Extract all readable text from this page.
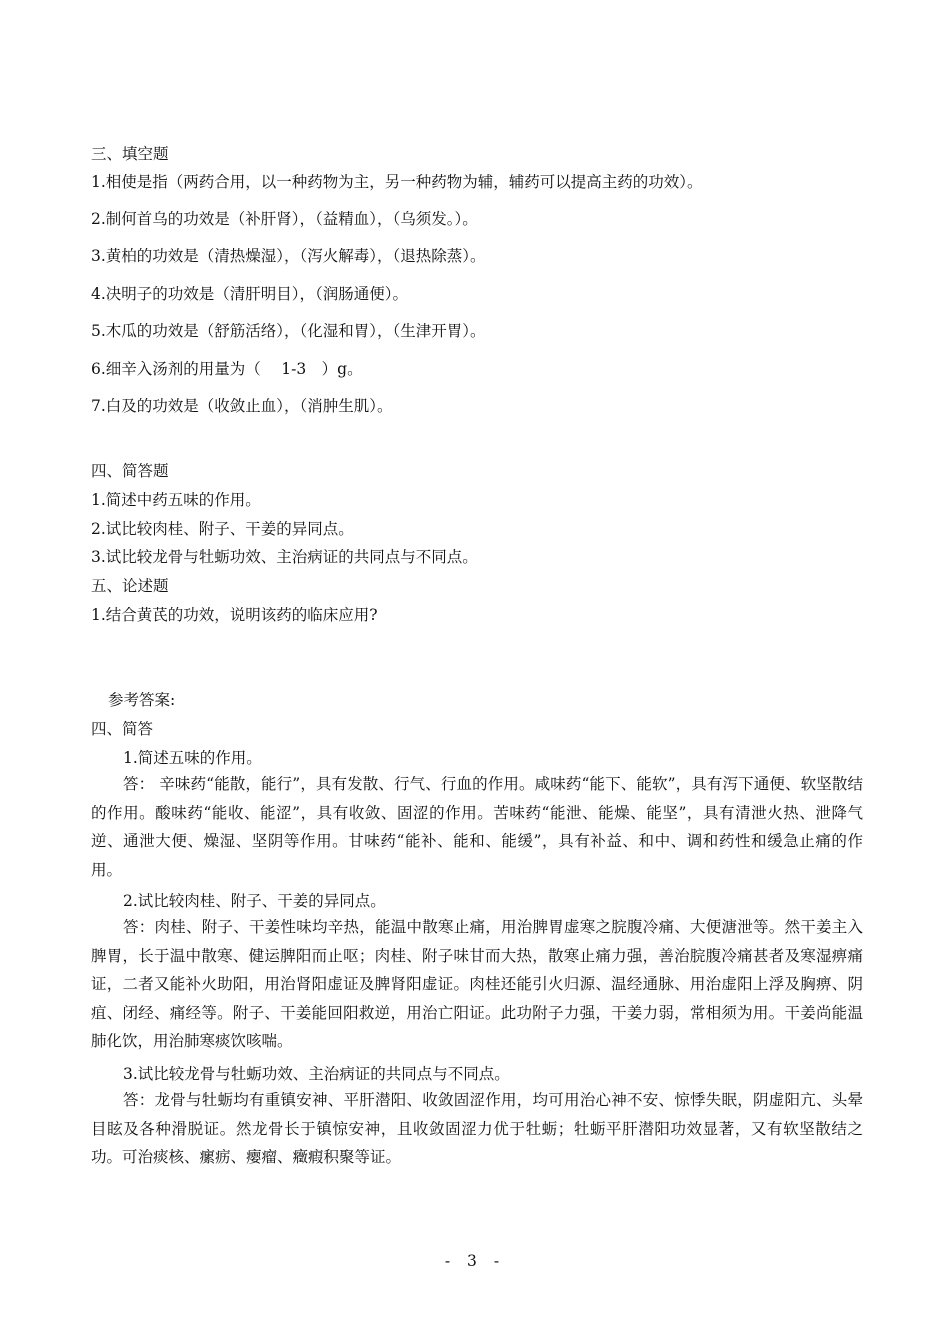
三、填空题
1.相使是指（两药合用，以一种药物为主，另一种药物为辅，辅药可以提高主药的功效）。
2.制何首乌的功效是（补肝肾），（益精血），（乌须发。）。
3.黄柏的功效是（清热燥湿），（泻火解毒），（退热除蒸）。
4.决明子的功效是（清肝明目），（润肠通便）。
5.木瓜的功效是（舒筋活络），（化湿和胃），（生津开胃）。
6.细辛入汤剂的用量为（　 1-3　）g。
7.白及的功效是（收敛止血），（消肿生肌）。
四、简答题
1.简述中药五味的作用。
2.试比较肉桂、附子、干姜的异同点。
3.试比较龙骨与牡蛎功效、主治病证的共同点与不同点。
五、论述题
1.结合黄芪的功效，说明该药的临床应用?
参考答案:
四、简答
1.简述五味的作用。
答： 辛味药“能散，能行”，具有发散、行气、行血的作用。咸味药“能下、能软”，具有泻下通便、软坚散结的作用。酸味药“能收、能涩”，具有收敛、固涩的作用。苦味药“能泄、能燥、能坚”，具有清泄火热、泄降气逆、通泄大便、燥湿、坚阴等作用。甘味药“能补、能和、能缓”，具有补益、和中、调和药性和缓急止痛的作用。
2.试比较肉桂、附子、干姜的异同点。
答：肉桂、附子、干姜性味均辛热，能温中散寒止痛，用治脾胃虚寒之脘腹冷痛、大便溏泄等。然干姜主入脾胃，长于温中散寒、健运脾阳而止呕；肉桂、附子味甘而大热，散寒止痛力强，善治脘腹冷痛甚者及寒湿痹痛证，二者又能补火助阳，用治肾阳虚证及脾肾阳虚证。肉桂还能引火归源、温经通脉、用治虚阳上浮及胸痹、阴疽、闭经、痛经等。附子、干姜能回阳救逆，用治亡阳证。此功附子力强，干姜力弱，常相须为用。干姜尚能温肺化饮，用治肺寒痰饮咳喘。
3.试比较龙骨与牡蛎功效、主治病证的共同点与不同点。
答：龙骨与牡蛎均有重镇安神、平肝潜阳、收敛固涩作用，均可用治心神不安、惊悸失眠，阴虚阳亢、头晕目眩及各种滑脱证。然龙骨长于镇惊安神，且收敛固涩力优于牡蛎；牡蛎平肝潜阳功效显著，又有软坚散结之功。可治痰核、瘰疬、瘿瘤、癥瘕积聚等证。
- 3 -
